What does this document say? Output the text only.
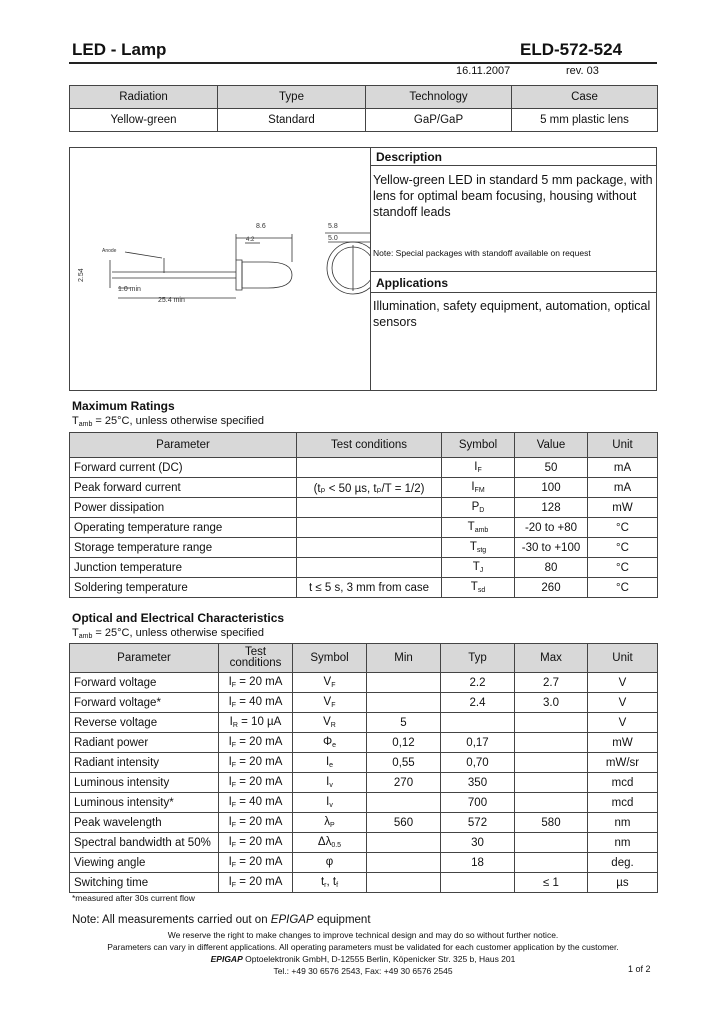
LED - Lamp	ELD-572-524
16.11.2007	rev. 03
Radiation	Type	Technology	Case
Yellow-green	Standard	GaP/GaP	5 mm plastic lens
8.6	5.8
5.0
1.0 min
25.4 min
4.2
Anode
2.54
Description
Yellow-green LED in standard 5 mm package, with lens for optimal beam focusing, housing without standoff leads
Note: Special packages with standoff available on request
Applications
Illumination, safety equipment, automation, optical sensors
Maximum Ratings
$T_{amb} = 25^\circ C$, unless otherwise specified
Parameter	Test conditions	Symbol	Value	Unit
Forward current (DC)		$I_F$	50	mA
Peak forward current	(tₚ < 50 µs, tₚ/T = 1/2)	$I_{FM}$	100	mA
Power dissipation		$P_D$	128	mW
Operating temperature range		$T_{amb}$	-20 to +80	°C
Storage temperature range		$T_{stg}$	-30 to +100	°C
Junction temperature		$T_J$	80	°C
Soldering temperature	t ≤ 5 s, 3 mm from case	$T_{sd}$	260	°C
Optical and Electrical Characteristics
$T_{amb} = 25^\circ C$, unless otherwise specified
Parameter	Test conditions	Symbol	Min	Typ	Max	Unit
Forward voltage	$I_F = 20$ mA	$V_F$		2.2	2.7	V
Forward voltage*	$I_F = 40$ mA	$V_F$		2.4	3.0	V
Reverse voltage	$I_R = 10$ µA	$V_R$	5			V
Radiant power	$I_F = 20$ mA	$\Phi_e$	0,12	0,17		mW
Radiant intensity	$I_F = 20$ mA	$I_e$	0,55	0,70		mW/sr
Luminous intensity	$I_F = 20$ mA	$I_v$	270	350		mcd
Luminous intensity*	$I_F = 40$ mA	$I_v$		700		mcd
Peak wavelength	$I_F = 20$ mA	$\lambda_P$	560	572	580	nm
Spectral bandwidth at 50%	$I_F = 20$ mA	$\Delta\lambda_{0.5}$		30		nm
Viewing angle	$I_F = 20$ mA	φ		18		deg.
Switching time	$I_F = 20$ mA	$t_r$, $t_f$			≤ 1	µs
*measured after 30s current flow
Note: All measurements carried out on EPIGAP equipment
We reserve the right to make changes to improve technical design and may do so without further notice.
Parameters can vary in different applications. All operating parameters must be validated for each customer application by the customer.
EPIGAP Optoelektronik GmbH, D-12555 Berlin, Köpenicker Str. 325 b, Haus 201
Tel.: +49 30 6576 2543, Fax: +49 30 6576 2545	1 of 2
